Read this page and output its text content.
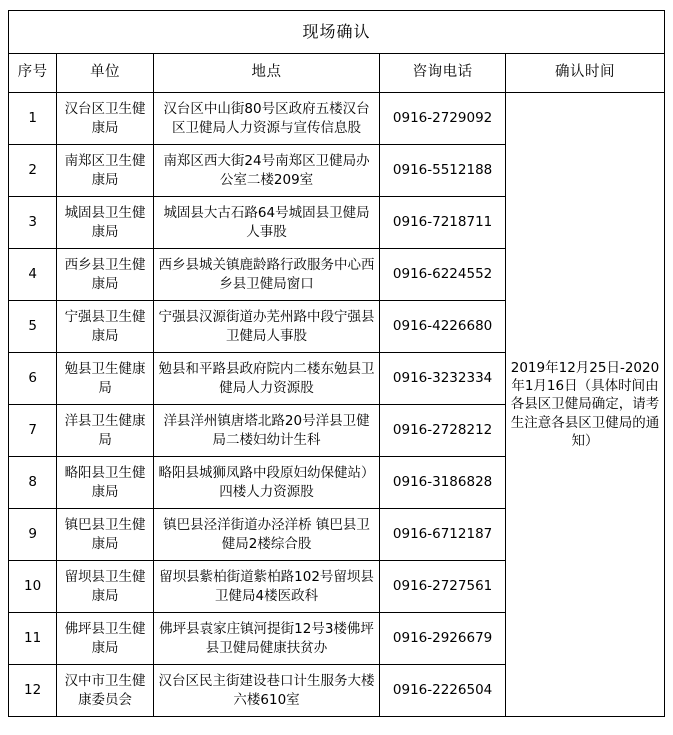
现场确认				
序号	单位	地点	咨询电话	确认时间
1	汉台区卫生健康局	汉台区中山街80号区政府五楼汉台区卫健局人力资源与宣传信息股	0916-2729092	2019年12月25日-2020年1月16日（具体时间由各县区卫健局确定，请考生注意各县区卫健局的通知）
2	南郑区卫生健康局	南郑区西大街24号南郑区卫健局办公室二楼209室	0916-5512188	
3	城固县卫生健康局	城固县大古石路64号城固县卫健局人事股	0916-7218711	
4	西乡县卫生健康局	西乡县城关镇鹿龄路行政服务中心西乡县卫健局窗口	0916-6224552	
5	宁强县卫生健康局	宁强县汉源街道办芜州路中段宁强县卫健局人事股	0916-4226680	
6	勉县卫生健康局	勉县和平路县政府院内二楼东勉县卫健局人力资源股	0916-3232334	
7	洋县卫生健康局	洋县洋州镇唐塔北路20号洋县卫健局二楼妇幼计生科	0916-2728212	
8	略阳县卫生健康局	略阳县城狮凤路中段原妇幼保健站）四楼人力资源股	0916-3186828	
9	镇巴县卫生健康局	镇巴县泾洋街道办泾洋桥 镇巴县卫健局2楼综合股	0916-6712187	
10	留坝县卫生健康局	留坝县紫柏街道紫柏路102号留坝县卫健局4楼医政科	0916-2727561	
11	佛坪县卫生健康局	佛坪县袁家庄镇河提街12号3楼佛坪县卫健局健康扶贫办	0916-2926679	
12	汉中市卫生健康委员会	汉台区民主街建设巷口计生服务大楼六楼610室	0916-2226504	
